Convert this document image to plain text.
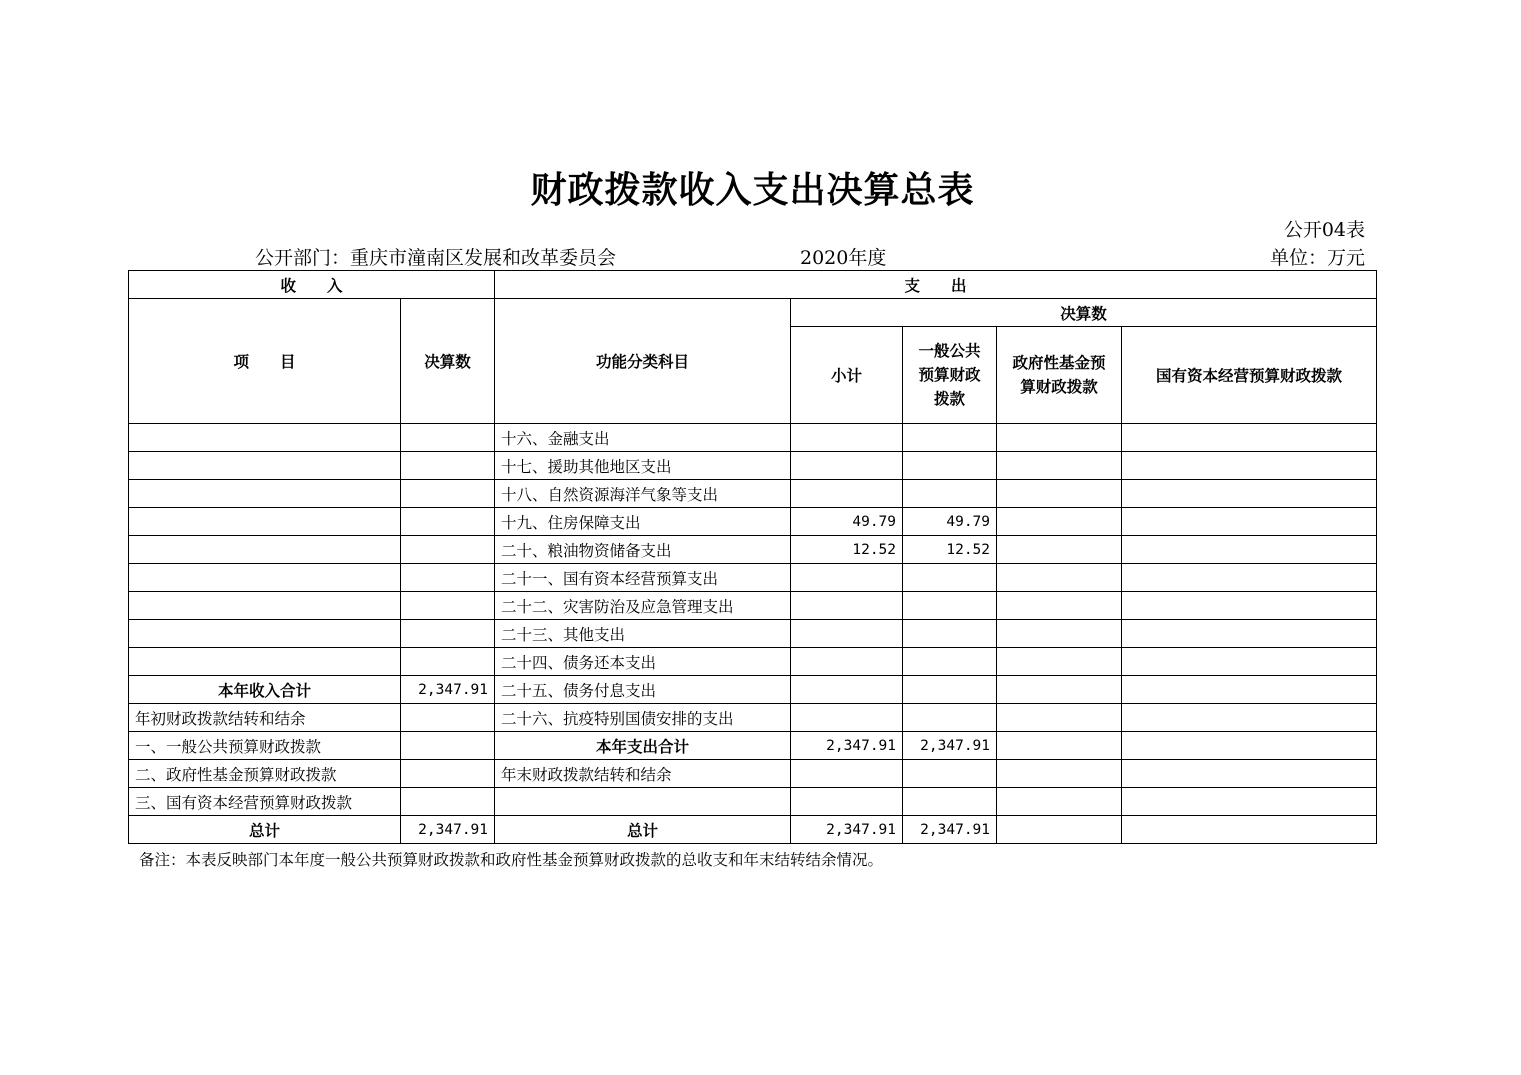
财政拨款收入支出决算总表
公开04表
公开部门：重庆市潼南区发展和改革委员会	2020年度	单位：万元
收　　入		支　　出				
项　　目	决算数	功能分类科目	决算数			
			小计	一般公共预算财政拨款	政府性基金预算财政拨款	国有资本经营预算财政拨款
		十六、金融支出				
		十七、援助其他地区支出				
		十八、自然资源海洋气象等支出				
		十九、住房保障支出	49.79	49.79		
		二十、粮油物资储备支出	12.52	12.52		
		二十一、国有资本经营预算支出				
		二十二、灾害防治及应急管理支出				
		二十三、其他支出				
		二十四、债务还本支出				
本年收入合计	2,347.91	二十五、债务付息支出				
年初财政拨款结转和结余		二十六、抗疫特别国债安排的支出				
一、一般公共预算财政拨款		本年支出合计	2,347.91	2,347.91		
二、政府性基金预算财政拨款		年末财政拨款结转和结余				
三、国有资本经营预算财政拨款						
总计	2,347.91	总计	2,347.91	2,347.91		
备注：本表反映部门本年度一般公共预算财政拨款和政府性基金预算财政拨款的总收支和年末结转结余情况。
